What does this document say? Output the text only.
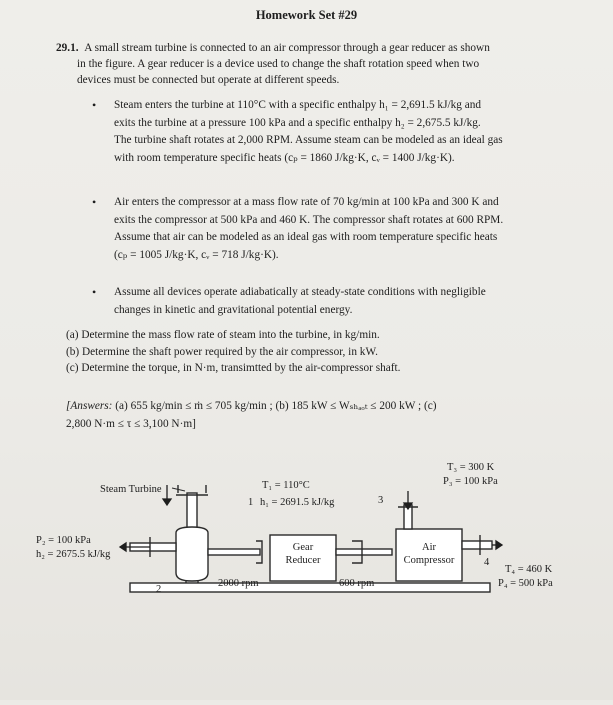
Homework Set #29
29.1. A small stream turbine is connected to an air compressor through a gear reducer as shown
in the figure. A gear reducer is a device used to change the shaft rotation speed when two
devices must be connected but operate at different speeds.
• Steam enters the turbine at 110°C with a specific enthalpy h₁ = 2,691.5 kJ/kg and
exits the turbine at a pressure 100 kPa and a specific enthalpy h₂ = 2,675.5 kJ/kg.
The turbine shaft rotates at 2,000 RPM. Assume steam can be modeled as an ideal gas
with room temperature specific heats (cₚ = 1860 J/kg·K, cᵥ = 1400 J/kg·K).
• Air enters the compressor at a mass flow rate of 70 kg/min at 100 kPa and 300 K and
exits the compressor at 500 kPa and 460 K. The compressor shaft rotates at 600 RPM.
Assume that air can be modeled as an ideal gas with room temperature specific heats
(cₚ = 1005 J/kg·K, cᵥ = 718 J/kg·K).
• Assume all devices operate adiabatically at steady-state conditions with negligible
changes in kinetic and gravitational potential energy.
(a) Determine the mass flow rate of steam into the turbine, in kg/min.
(b) Determine the shaft power required by the air compressor, in kW.
(c) Determine the torque, in N·m, transimtted by the air-compressor shaft.
[Answers: (a) 655 kg/min ≤ ṁ ≤ 705 kg/min ; (b) 185 kW ≤ Wₛₕₐₒₜ ≤ 200 kW ; (c)
2,800 N·m ≤ τ ≤ 3,100 N·m]
Steam Turbine	T₁ = 110°C
1 h₁ = 2691.5 kJ/kg	3
T₃ = 300 K
P₃ = 100 kPa
P₂ = 100 kPa
h₂ = 2675.5 kJ/kg
2
4
T₄ = 460 K
P₄ = 500 kPa
Gear
Reducer
Air
Compressor
2000 rpm	600 rpm
